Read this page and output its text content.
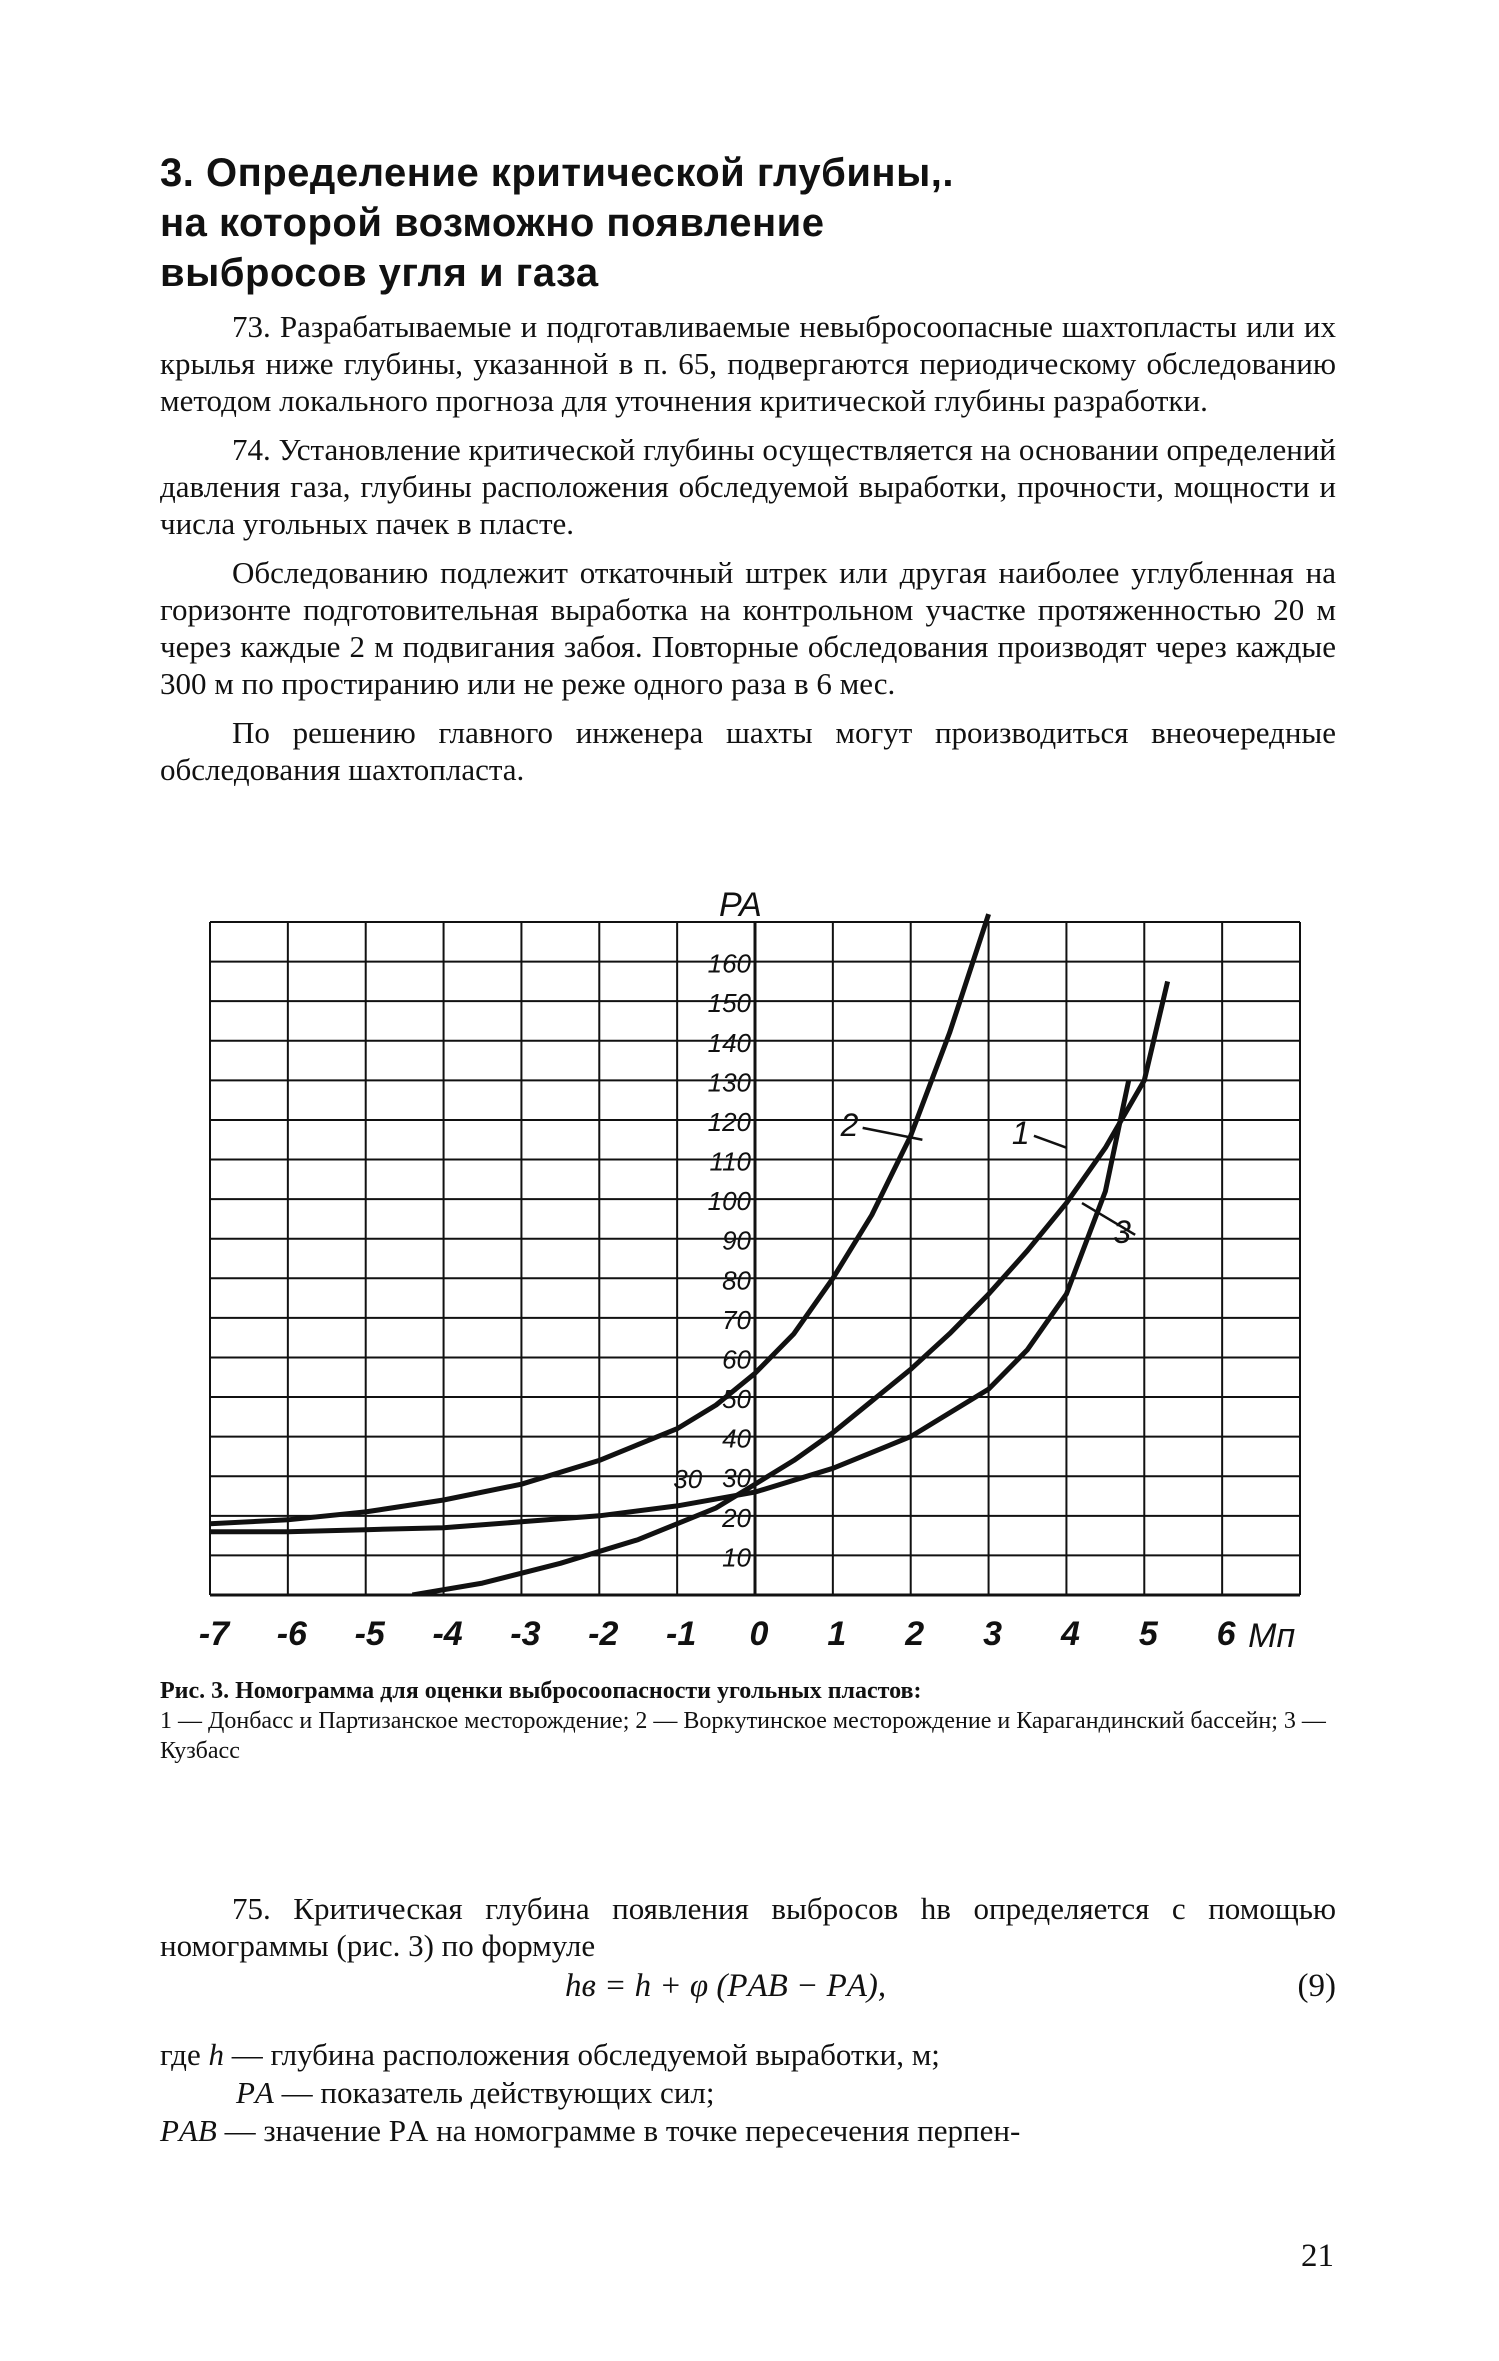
3. Определение критической глубины,.
на которой возможно появление
выбросов угля и газа

73. Разрабатываемые и подготавливаемые невыбросоопасные шахтопласты или их крылья ниже глубины, указанной в п. 65, подвергаются периодическому обследованию методом локального прогноза для уточнения критической глубины разработки.

74. Установление критической глубины осуществляется на основании определений давления газа, глубины расположения обследуемой выработки, прочности, мощности и числа угольных пачек в пласте.

Обследованию подлежит откаточный штрек или другая наиболее углубленная на горизонте подготовительная выработка на контрольном участке протяженностью 20 м через каждые 2 м подвигания забоя. Повторные обследования производят через каждые 300 м по простиранию или не реже одного раза в 6 мес.

По решению главного инженера шахты могут производиться внеочередные обследования шахтопласта.

10
20
30
40
50
60
70
80
90
100
110
120
130
140
150
160
-7 -6 -5 -4 -3 -2 -1 0 1 2 3 4 5 6
PA
Mп
2	1
3
30
Рис. 3. Номограмма для оценки выбросоопасности угольных пластов:
1 — Донбасс и Партизанское месторождение; 2 — Воркутинское месторождение и Карагандинский бассейн; 3 — Кузбасс

75. Критическая глубина появления выбросов hв определяется с помощью номограммы (рис. 3) по формуле

hв = h + φ (PАВ − PА),	(9)
где h — глубина расположения обследуемой выработки, м;
PА — показатель действующих сил;
PАВ — значение PА на номограмме в точке пересечения перпен-
21
